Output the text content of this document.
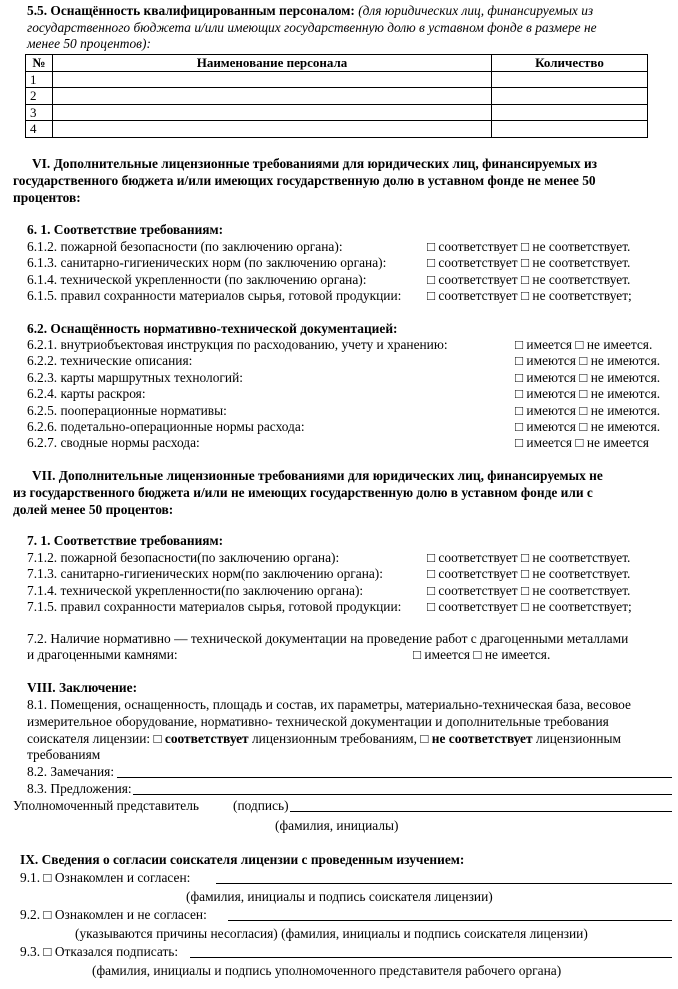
5.5. Оснащённость квалифицированным персоналом: (для юридических лиц, финансируемых из
государственного бюджета и/или имеющих государственную долю в уставном фонде в размере не
менее 50 процентов):
№	Наименование персонала	Количество
1		
2		
3		
4		
VI. Дополнительные лицензионные требованиями для юридических лиц, финансируемых из
государственного бюджета и/или имеющих государственную долю в уставном фонде не менее 50
процентов:
6. 1. Соответствие требованиям:
6.1.2. пожарной безопасности (по заключению органа):	□ соответствует □ не соответствует.
6.1.3. санитарно-гигиенических норм (по заключению органа):	□ соответствует □ не соответствует.
6.1.4. технической укрепленности (по заключению органа):	□ соответствует □ не соответствует.
6.1.5. правил сохранности материалов сырья, готовой продукции: □ соответствует □ не соответствует;
6.2. Оснащённость нормативно-технической документацией:
6.2.1. внутриобъектовая инструкция по расходованию, учету и хранению:	□ имеется □ не имеется.
6.2.2. технические описания:	□ имеются □ не имеются.
6.2.3. карты маршрутных технологий:	□ имеются □ не имеются.
6.2.4. карты раскроя:	□ имеются □ не имеются.
6.2.5. пооперационные нормативы:	□ имеются □ не имеются.
6.2.6. подетально-операционные нормы расхода:	□ имеются □ не имеются.
6.2.7. сводные нормы расхода:	□ имеется □ не имеется
VII. Дополнительные лицензионные требованиями для юридических лиц, финансируемых не
из государственного бюджета и/или не имеющих государственную долю в уставном фонде или с
долей менее 50 процентов:
7. 1. Соответствие требованиям:
7.1.2. пожарной безопасности(по заключению органа):	□ соответствует □ не соответствует.
7.1.3. санитарно-гигиенических норм(по заключению органа):	□ соответствует □ не соответствует.
7.1.4. технической укрепленности(по заключению органа):	□ соответствует □ не соответствует.
7.1.5. правил сохранности материалов сырья, готовой продукции: □ соответствует □ не соответствует;
7.2. Наличие нормативно — технической документации на проведение работ с драгоценными металлами
и драгоценными камнями:	□ имеется □ не имеется.
VIII. Заключение:
8.1. Помещения, оснащенность, площадь и состав, их параметры, материально-техническая база, весовое
измерительное оборудование, нормативно- технической документации и дополнительные требования
соискателя лицензии: □ соответствует лицензионным требованиям, □ не соответствует лицензионным
требованиям
8.2. Замечания:
8.3. Предложения:
Уполномоченный представитель	(подпись)
(фамилия, инициалы)
IX. Сведения о согласии соискателя лицензии с проведенным изучением:
9.1. □ Ознакомлен и согласен:
(фамилия, инициалы и подпись соискателя лицензии)
9.2. □ Ознакомлен и не согласен:
(указываются причины несогласия) (фамилия, инициалы и подпись соискателя лицензии)
9.3. □ Отказался подписать:
(фамилия, инициалы и подпись уполномоченного представителя рабочего органа)
